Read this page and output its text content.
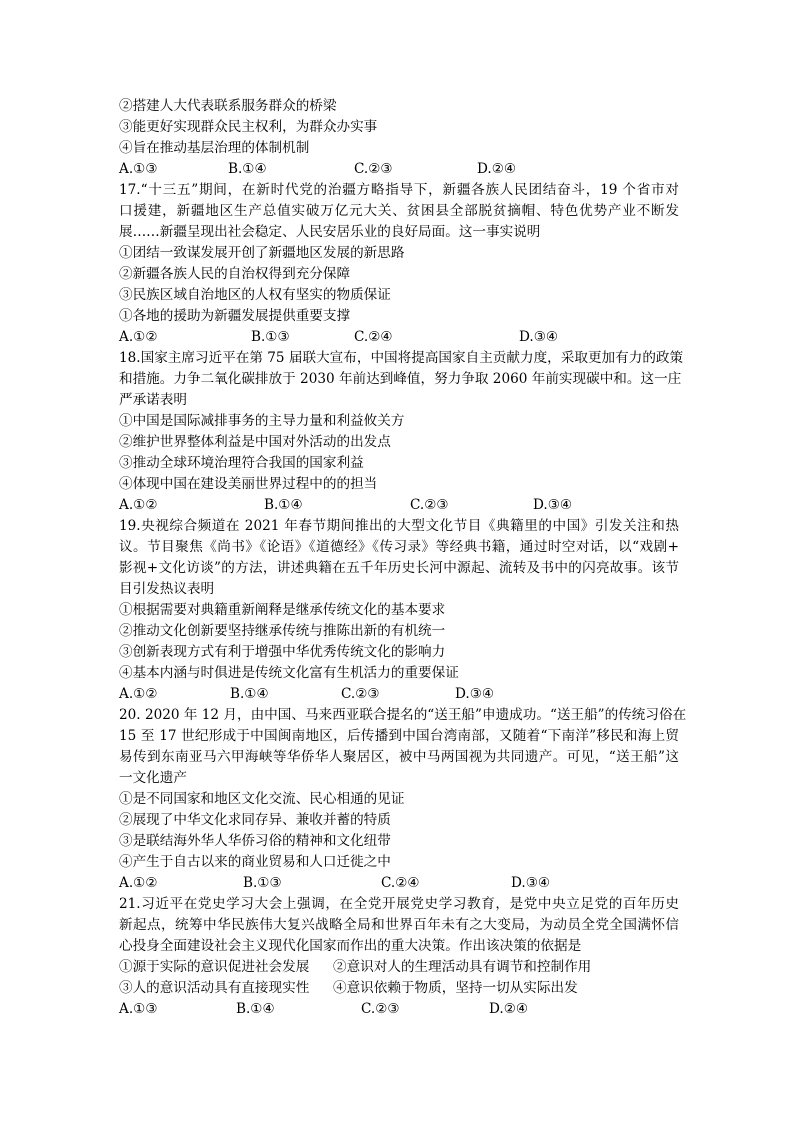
②搭建人大代表联系服务群众的桥梁
③能更好实现群众民主权利，为群众办实事
④旨在推动基层治理的体制机制
A.①③	B.①④	C.②③	D.②④
17.“十三五”期间，在新时代党的治疆方略指导下，新疆各族人民团结奋斗，19 个省市对
口援建，新疆地区生产总值实破万亿元大关、贫困县全部脱贫摘帽、特色优势产业不断发
展……新疆呈现出社会稳定、人民安居乐业的良好局面。这一事实说明
①团结一致谋发展开创了新疆地区发展的新思路
②新疆各族人民的自治权得到充分保障
③民族区域自治地区的人权有坚实的物质保证
①各地的援助为新疆发展提供重要支撑
A.①②	B.①③	C.②④	D.③④
18.国家主席习近平在第 75 届联大宣布，中国将提高国家自主贡献力度，采取更加有力的政策
和措施。力争二氧化碳排放于 2030 年前达到峰值，努力争取 2060 年前实现碳中和。这一庄
严承诺表明
①中国是国际减排事务的主导力量和利益攸关方
②维护世界整体利益是中国对外活动的出发点
③推动全球环境治理符合我国的国家利益
④体现中国在建设美丽世界过程中的的担当
A.①②	B.①④	C.②③	D.③④
19.央视综合频道在 2021 年春节期间推出的大型文化节目《典籍里的中国》引发关注和热
议。节目聚焦《尚书》《论语》《道德经》《传习录》等经典书籍，通过时空对话，以“戏剧+
影视+文化访谈”的方法，讲述典籍在五千年历史长河中源起、流转及书中的闪亮故事。该节
目引发热议表明
①根据需要对典籍重新阐释是继承传统文化的基本要求
②推动文化创新要坚持继承传统与推陈出新的有机统一
③创新表现方式有利于增强中华优秀传统文化的影响力
④基本内涵与时俱进是传统文化富有生机活力的重要保证
A.①②	B.①④	C.②③	D.③④
20. 2020 年 12 月，由中国、马来西亚联合提名的“送王船”申遗成功。“送王船”的传统习俗在
15 至 17 世纪形成于中国闽南地区，后传播到中国台湾南部，又随着“下南洋”移民和海上贸
易传到东南亚马六甲海峡等华侨华人聚居区，被中马两国视为共同遗产。可见，“送王船”这
一文化遗产
①是不同国家和地区文化交流、民心相通的见证
②展现了中华文化求同存异、兼收并蓄的特质
③是联结海外华人华侨习俗的精神和文化纽带
④产生于自古以来的商业贸易和人口迁徙之中
A.①②	B.①③	C.②④	D.③④
21.习近平在党史学习大会上强调，在全党开展党史学习教育，是党中央立足党的百年历史
新起点，统筹中华民族伟大复兴战略全局和世界百年未有之大变局，为动员全党全国满怀信
心投身全面建设社会主义现代化国家而作出的重大决策。作出该决策的依据是
①源于实际的意识促进社会发展 ②意识对人的生理活动具有调节和控制作用
③人的意识活动具有直接现实性 ④意识依赖于物质，坚持一切从实际出发
A.①③	B.①④	C.②③	D.②④
